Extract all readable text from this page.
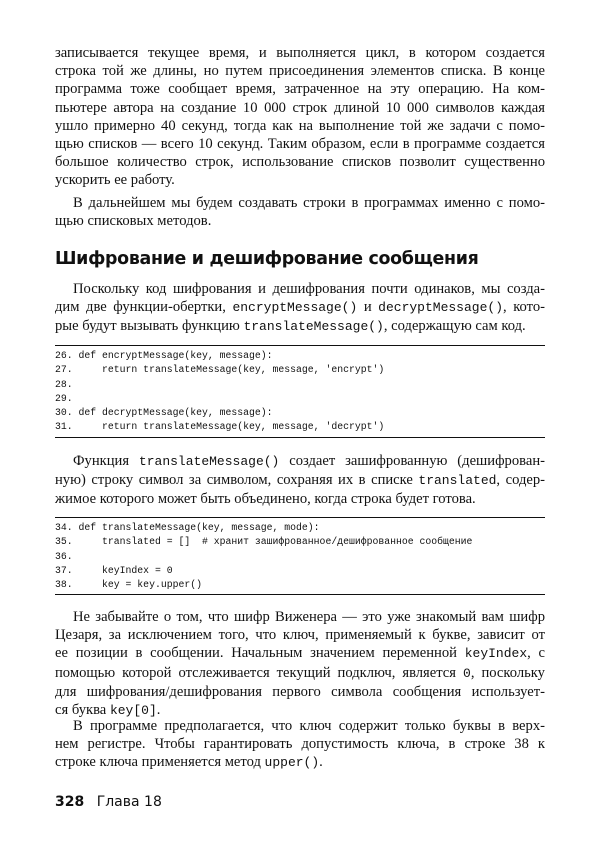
записывается текущее время, и выполняется цикл, в котором создается
строка той же длины, но путем присоединения элементов списка. В конце
программа тоже сообщает время, затраченное на эту операцию. На ком-
пьютере автора на создание 10 000 строк длиной 10 000 символов каждая
ушло примерно 40 секунд, тогда как на выполнение той же задачи с помо-
щью списков — всего 10 секунд. Таким образом, если в программе создается
большое количество строк, использование списков позволит существенно
ускорить ее работу.

В дальнейшем мы будем создавать строки в программах именно с помо-
щью списковых методов.

Шифрование и дешифрование сообщения

Поскольку код шифрования и дешифрования почти одинаков, мы созда-
дим две функции-обертки, encryptMessage() и decryptMessage(), кото-
рые будут вызывать функцию translateMessage(), содержащую сам код.

26. def encryptMessage(key, message):
27.     return translateMessage(key, message, 'encrypt')
28.
29.
30. def decryptMessage(key, message):
31.     return translateMessage(key, message, 'decrypt')

Функция translateMessage() создает зашифрованную (дешифрован-
ную) строку символ за символом, сохраняя их в списке translated, содер-
жимое которого может быть объединено, когда строка будет готова.

34. def translateMessage(key, message, mode):
35.     translated = []  # хранит зашифрованное/дешифрованное сообщение
36.
37.     keyIndex = 0
38.     key = key.upper()

Не забывайте о том, что шифр Виженера — это уже знакомый вам шифр
Цезаря, за исключением того, что ключ, применяемый к букве, зависит от
ее позиции в сообщении. Начальным значением переменной keyIndex, с
помощью которой отслеживается текущий подключ, является 0, поскольку
для шифрования/дешифрования первого символа сообщения использует-
ся буква key[0].

В программе предполагается, что ключ содержит только буквы в верх-
нем регистре. Чтобы гарантировать допустимость ключа, в строке 38 к
строке ключа применяется метод upper().

328 Глава 18
